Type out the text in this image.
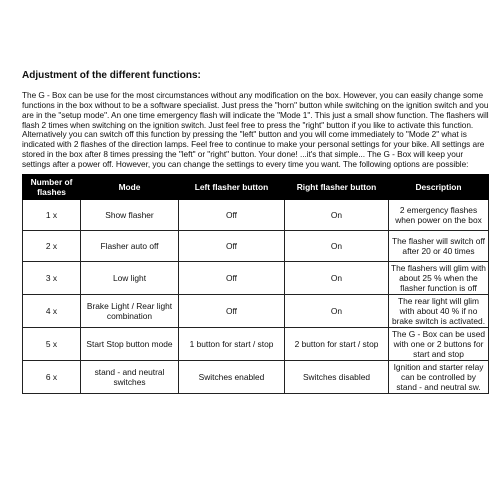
Adjustment of the different functions:

The G - Box can be use for the most circumstances without any modification on the box. However, you can easily change some functions in the box without to be a software specialist. Just press the "horn" button while switching on the ignition switch and you are in the "setup mode". An one time emergency flash will indicate the "Mode 1". This just a small show function. The flashers will flash 2 times when switching on the ignition switch. Just feel free to press the "right" button if you like to activate this function. Alternatively you can switch off this function by pressing the "left" button and you will come immediately to "Mode 2" what is indicated with 2 flashes of the direction lamps. Feel free to continue to make your personal settings for your bike. All settings are stored in the box after 8 times pressing the "left" or "right" button. Your done! ...it's that simple... The G - Box will keep your settings after a power off. However, you can change the settings to every time you want. The following options are possible:

Number of flashes	Mode	Left flasher button	Right flasher button	Description
1 x	Show flasher	Off	On	2 emergency flashes when power on the box
2 x	Flasher auto off	Off	On	The flasher will switch off after 20 or 40 times
3 x	Low light	Off	On	The flashers will glim with about 25 % when the flasher function is off
4 x	Brake Light / Rear light combination	Off	On	The rear light will glim with about 40 % if no brake switch is activated.
5 x	Start Stop button mode	1 button for start / stop	2 button for start / stop	The G - Box can be used with one or 2 buttons for start and stop
6 x	stand - and neutral switches	Switches enabled	Switches disabled	Ignition and starter relay can be controlled by stand - and neutral sw.
